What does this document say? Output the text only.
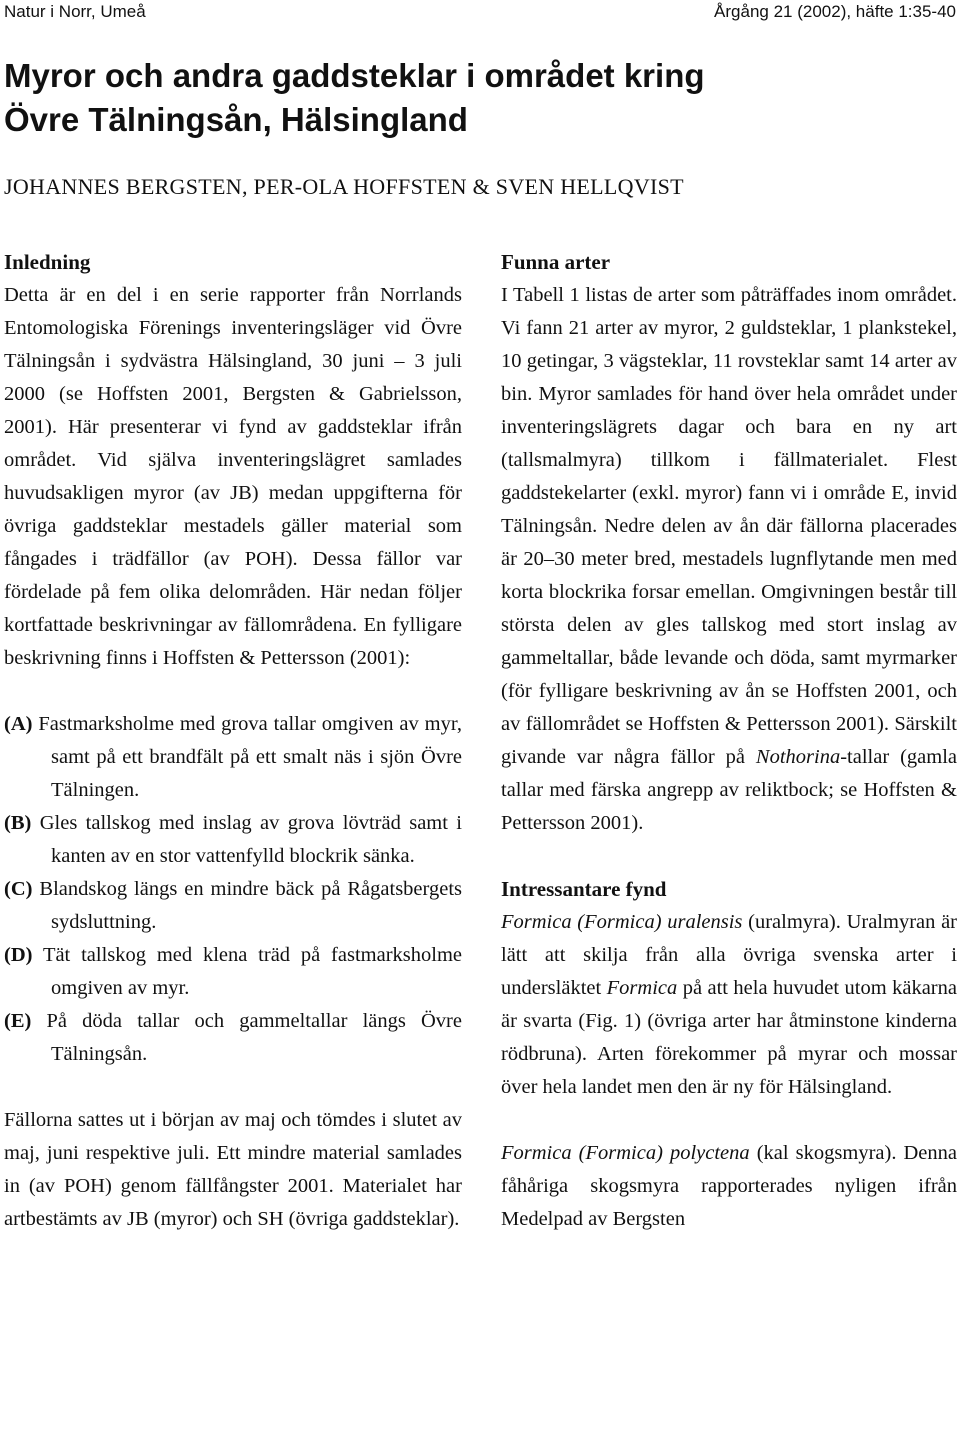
Natur i Norr, Umeå	Årgång 21 (2002), häfte 1:35-40
Myror och andra gaddsteklar i området kring
Övre Tälningsån, Hälsingland
JOHANNES BERGSTEN, PER-OLA HOFFSTEN & SVEN HELLQVIST
Inledning

Detta är en del i en serie rapporter från Norrlands Entomologiska Förenings inventeringsläger vid Övre Tälningsån i sydvästra Hälsingland, 30 juni – 3 juli 2000 (se Hoffsten 2001, Bergsten & Gabrielsson, 2001). Här presenterar vi fynd av gaddsteklar ifrån området. Vid själva inventeringslägret samlades huvudsakligen myror (av JB) medan uppgifterna för övriga gaddsteklar mestadels gäller material som fångades i trädfällor (av POH). Dessa fällor var fördelade på fem olika delområden. Här nedan följer kortfattade beskrivningar av fällområdena. En fylligare beskrivning finns i Hoffsten & Pettersson (2001):

(A) Fastmarksholme med grova tallar omgiven av myr, samt på ett brandfält på ett smalt näs i sjön Övre Tälningen.

(B) Gles tallskog med inslag av grova lövträd samt i kanten av en stor vattenfylld blockrik sänka.

(C) Blandskog längs en mindre bäck på Rågatsbergets sydsluttning.

(D) Tät tallskog med klena träd på fastmarksholme omgiven av myr.

(E) På döda tallar och gammeltallar längs Övre Tälningsån.

Fällorna sattes ut i början av maj och tömdes i slutet av maj, juni respektive juli. Ett mindre material samlades in (av POH) genom fällfångster 2001. Materialet har artbestämts av JB (myror) och SH (övriga gaddsteklar).

Funna arter

I Tabell 1 listas de arter som påträffades inom området. Vi fann 21 arter av myror, 2 guldsteklar, 1 plankstekel, 10 getingar, 3 vägsteklar, 11 rovsteklar samt 14 arter av bin. Myror samlades för hand över hela området under inventeringslägrets dagar och bara en ny art (tallsmalmyra) tillkom i fällmaterialet. Flest gaddstekelarter (exkl. myror) fann vi i område E, invid Tälningsån. Nedre delen av ån där fällorna placerades är 20–30 meter bred, mestadels lugnflytande men med korta blockrika forsar emellan. Omgivningen består till största delen av gles tallskog med stort inslag av gammeltallar, både levande och döda, samt myrmarker (för fylligare beskrivning av ån se Hoffsten 2001, och av fällområdet se Hoffsten & Pettersson 2001). Särskilt givande var några fällor på Nothorina-tallar (gamla tallar med färska angrepp av reliktbock; se Hoffsten & Pettersson 2001).

Intressantare fynd

Formica (Formica) uralensis (uralmyra). Uralmyran är lätt att skilja från alla övriga svenska arter i undersläktet Formica på att hela huvudet utom käkarna är svarta (Fig. 1) (övriga arter har åtminstone kinderna rödbruna). Arten förekommer på myrar och mossar över hela landet men den är ny för Hälsingland.

Formica (Formica) polyctena (kal skogsmyra). Denna fåhåriga skogsmyra rapporterades nyligen ifrån Medelpad av Bergsten
